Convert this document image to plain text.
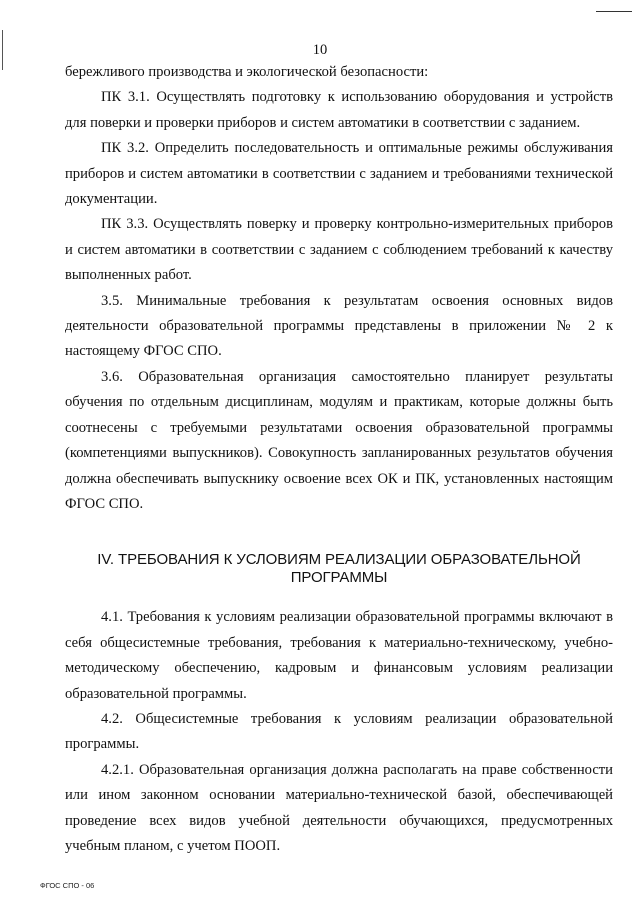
10

бережливого производства и экологической безопасности:

ПК 3.1. Осуществлять подготовку к использованию оборудования и устройств для поверки и проверки приборов и систем автоматики в соответствии с заданием.

ПК 3.2. Определить последовательность и оптимальные режимы обслуживания приборов и систем автоматики в соответствии с заданием и требованиями технической документации.

ПК 3.3. Осуществлять поверку и проверку контрольно-измерительных приборов и систем автоматики в соответствии с заданием с соблюдением требований к качеству выполненных работ.

3.5. Минимальные требования к результатам освоения основных видов деятельности образовательной программы представлены в приложении № 2 к настоящему ФГОС СПО.

3.6. Образовательная организация самостоятельно планирует результаты обучения по отдельным дисциплинам, модулям и практикам, которые должны быть соотнесены с требуемыми результатами освоения образовательной программы (компетенциями выпускников). Совокупность запланированных результатов обучения должна обеспечивать выпускнику освоение всех ОК и ПК, установленных настоящим ФГОС СПО.

IV. ТРЕБОВАНИЯ К УСЛОВИЯМ РЕАЛИЗАЦИИ ОБРАЗОВАТЕЛЬНОЙ
ПРОГРАММЫ

4.1. Требования к условиям реализации образовательной программы включают в себя общесистемные требования, требования к материально-техническому, учебно-методическому обеспечению, кадровым и финансовым условиям реализации образовательной программы.

4.2. Общесистемные требования к условиям реализации образовательной программы.

4.2.1. Образовательная организация должна располагать на праве собственности или ином законном основании материально-технической базой, обеспечивающей проведение всех видов учебной деятельности обучающихся, предусмотренных учебным планом, с учетом ПООП.

ФГОС СПО - 06
